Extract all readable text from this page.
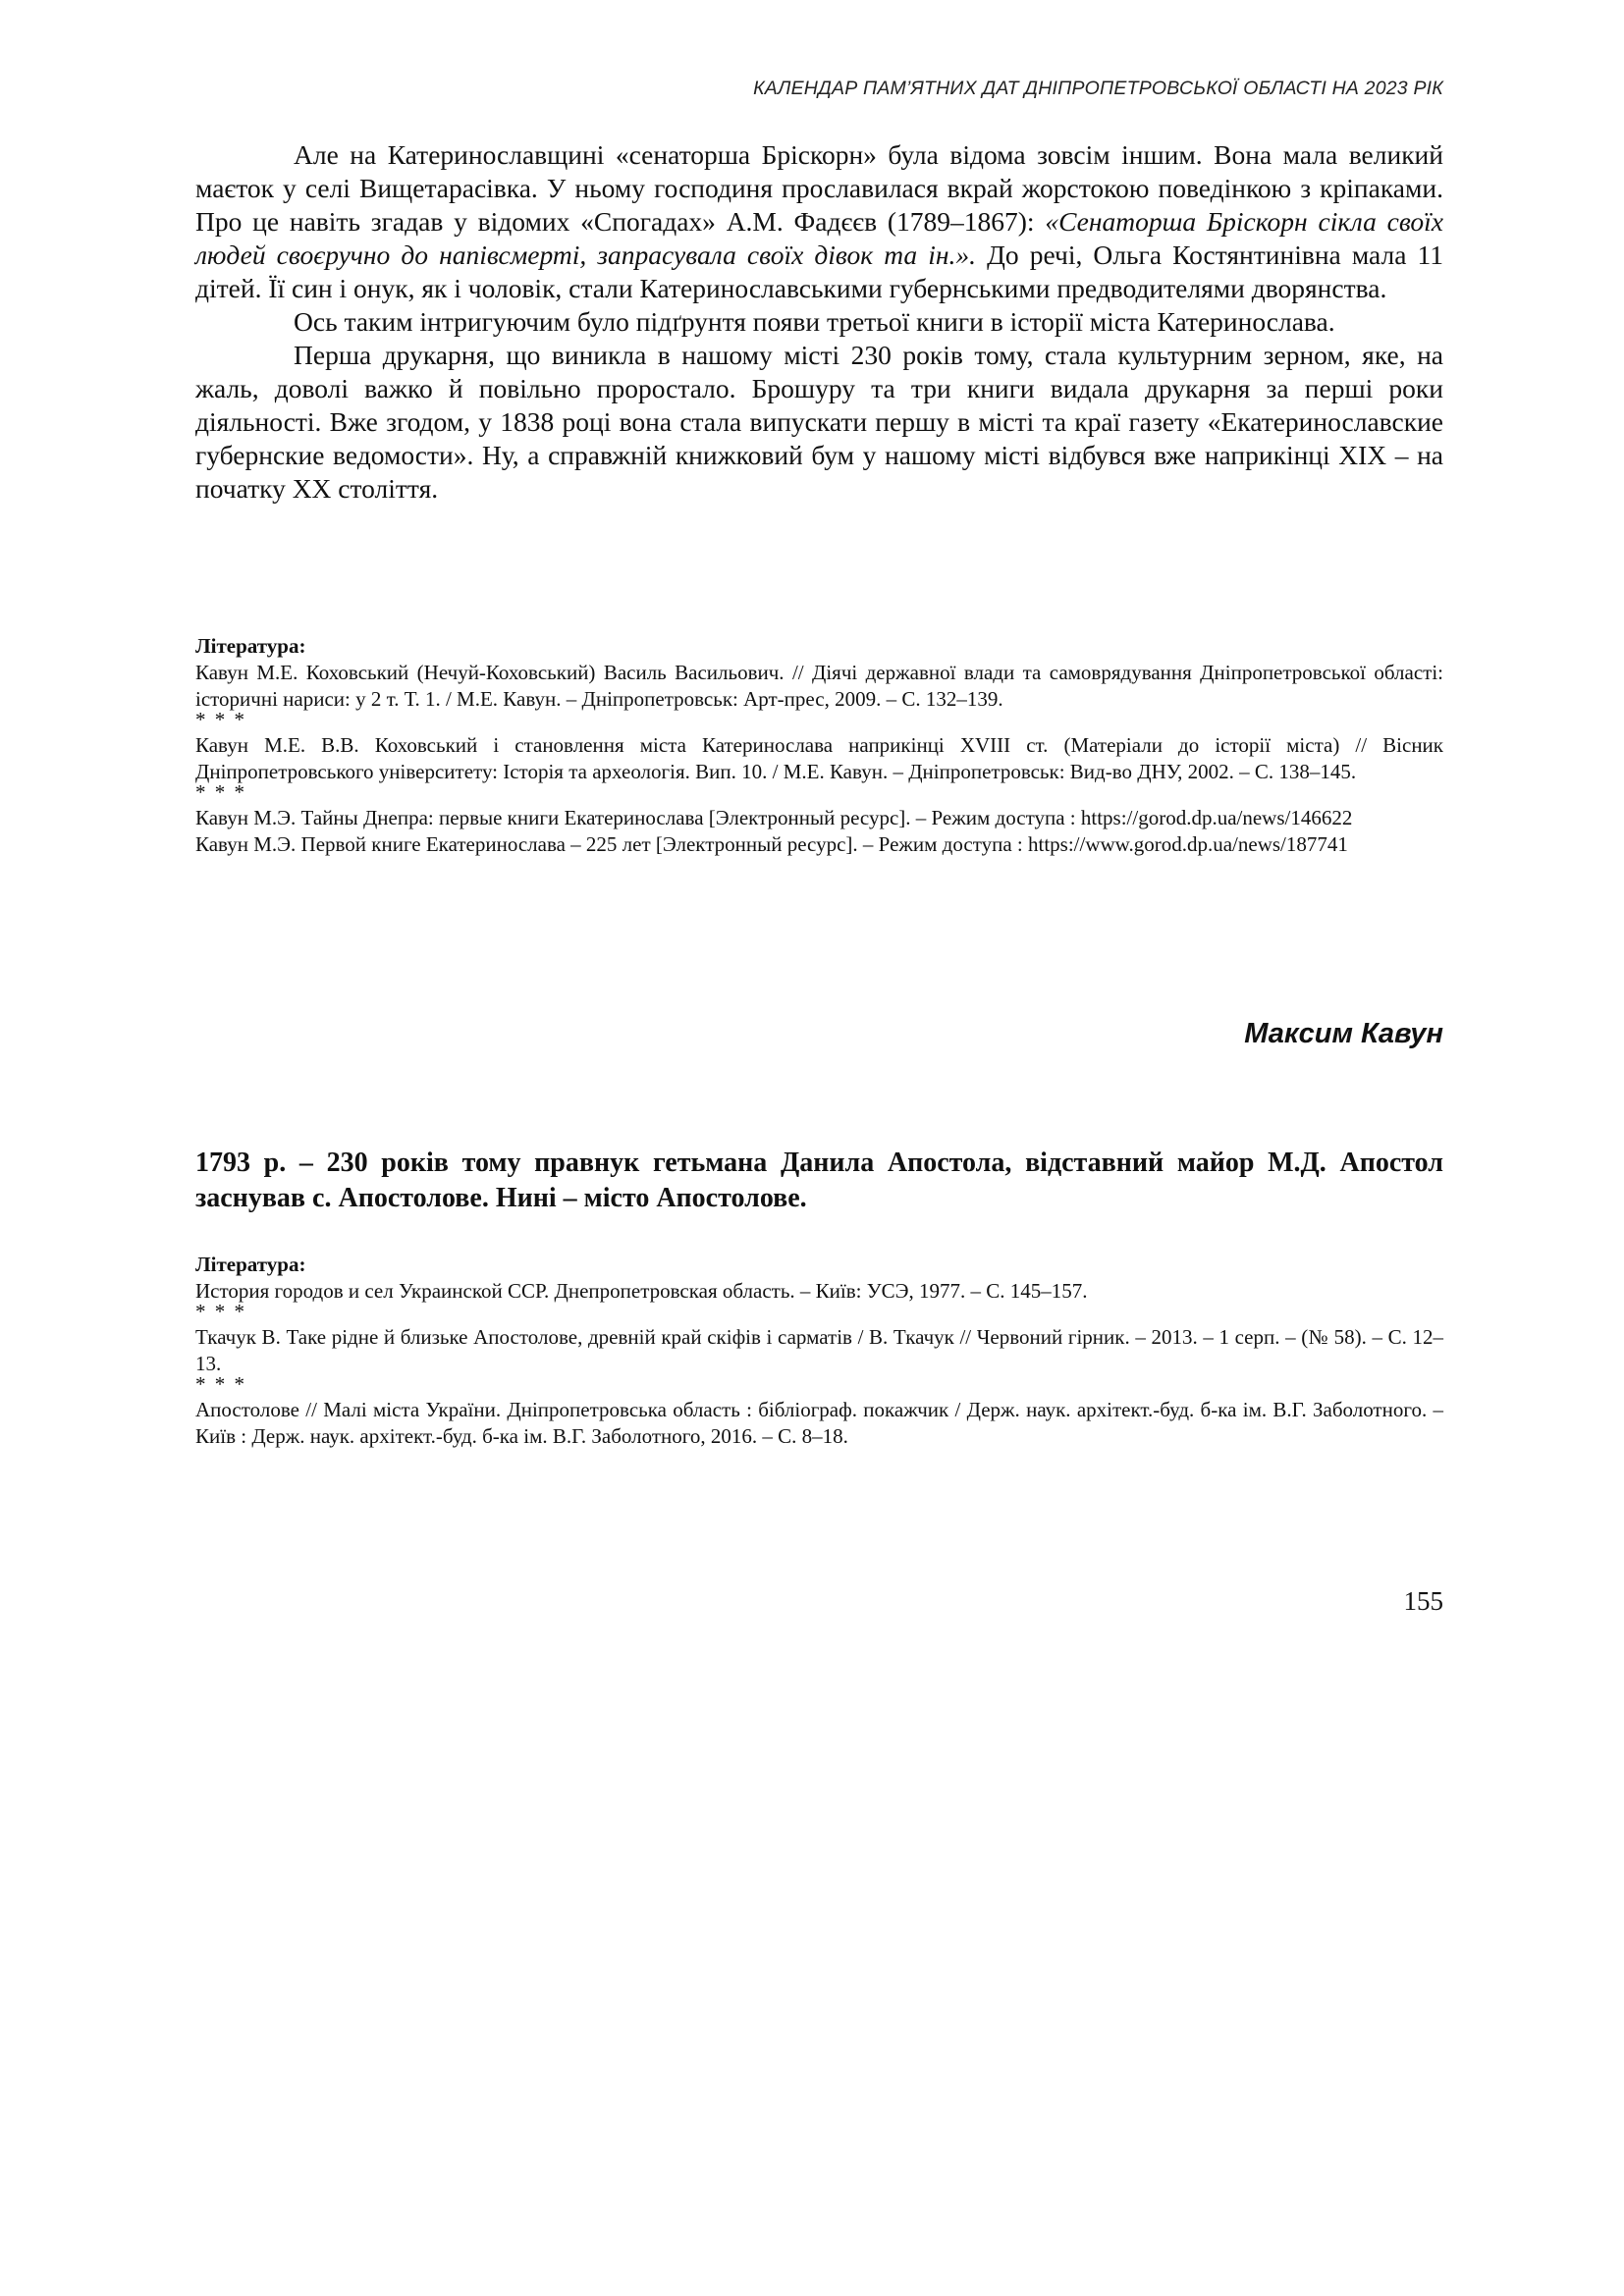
КАЛЕНДАР ПАМ’ЯТНИХ ДАТ ДНІПРОПЕТРОВСЬКОЇ ОБЛАСТІ НА 2023 РІК

Але на Катеринославщині «сенаторша Бріскорн» була відома зовсім іншим. Вона мала великий маєток у селі Вищетарасівка. У ньому господиня прославилася вкрай жорстокою поведінкою з кріпаками. Про це навіть згадав у відомих «Спогадах» А.М. Фадєєв (1789–1867): «Сенаторша Бріскорн сікла своїх людей своєручно до напівсмерті, запрасувала своїх дівок та ін.». До речі, Ольга Костянтинівна мала 11 дітей. Її син і онук, як і чоловік, стали Катеринославськими губернськими предводителями дворянства.

Ось таким інтригуючим було підґрунтя появи третьої книги в історії міста Катеринослава.

Перша друкарня, що виникла в нашому місті 230 років тому, стала культурним зерном, яке, на жаль, доволі важко й повільно проростало. Брошуру та три книги видала друкарня за перші роки діяльності. Вже згодом, у 1838 році вона стала випускати першу в місті та краї газету «Екатеринославские губернские ведомости». Ну, а справжній книжковий бум у нашому місті відбувся вже наприкінці ХІХ – на початку ХХ століття.

Література:

Кавун М.Е. Коховський (Нечуй-Коховський) Василь Васильович. // Діячі державної влади та самоврядування Дніпропетровської області: історичні нариси: у 2 т. Т. 1. / М.Е. Кавун. – Дніпропетровськ: Арт-прес, 2009. – С. 132–139.

* * *

Кавун М.Е. В.В. Коховський і становлення міста Катеринослава наприкінці XVIII ст. (Матеріали до історії міста) // Вісник Дніпропетровського університету: Історія та археологія. Вип. 10. / М.Е. Кавун. – Дніпропетровськ: Вид-во ДНУ, 2002. – С. 138–145.

* * *

Кавун М.Э. Тайны Днепра: первые книги Екатеринослава [Электронный ресурс]. – Режим доступа : https://gorod.dp.ua/news/146622

Кавун М.Э. Первой книге Екатеринослава – 225 лет [Электронный ресурс]. – Режим доступа : https://www.gorod.dp.ua/news/187741

Максим Кавун

1793 р. – 230 років тому правнук гетьмана Данила Апостола, відставний майор М.Д. Апостол заснував с. Апостолове. Нині – місто Апостолове.

Література:

История городов и сел Украинской ССР. Днепропетровская область. – Київ: УСЭ, 1977. – С. 145–157.

* * *

Ткачук В. Таке рідне й близьке Апостолове, древній край скіфів і сарматів / В. Ткачук // Червоний гірник. – 2013. – 1 серп. – (№ 58). – С. 12–13.

* * *

Апостолове // Малі міста України. Дніпропетровська область : бібліограф. покажчик / Держ. наук. архітект.-буд. б-ка ім. В.Г. Заболотного. – Київ : Держ. наук. архітект.-буд. б-ка ім. В.Г. Заболотного, 2016. – С. 8–18.

155
